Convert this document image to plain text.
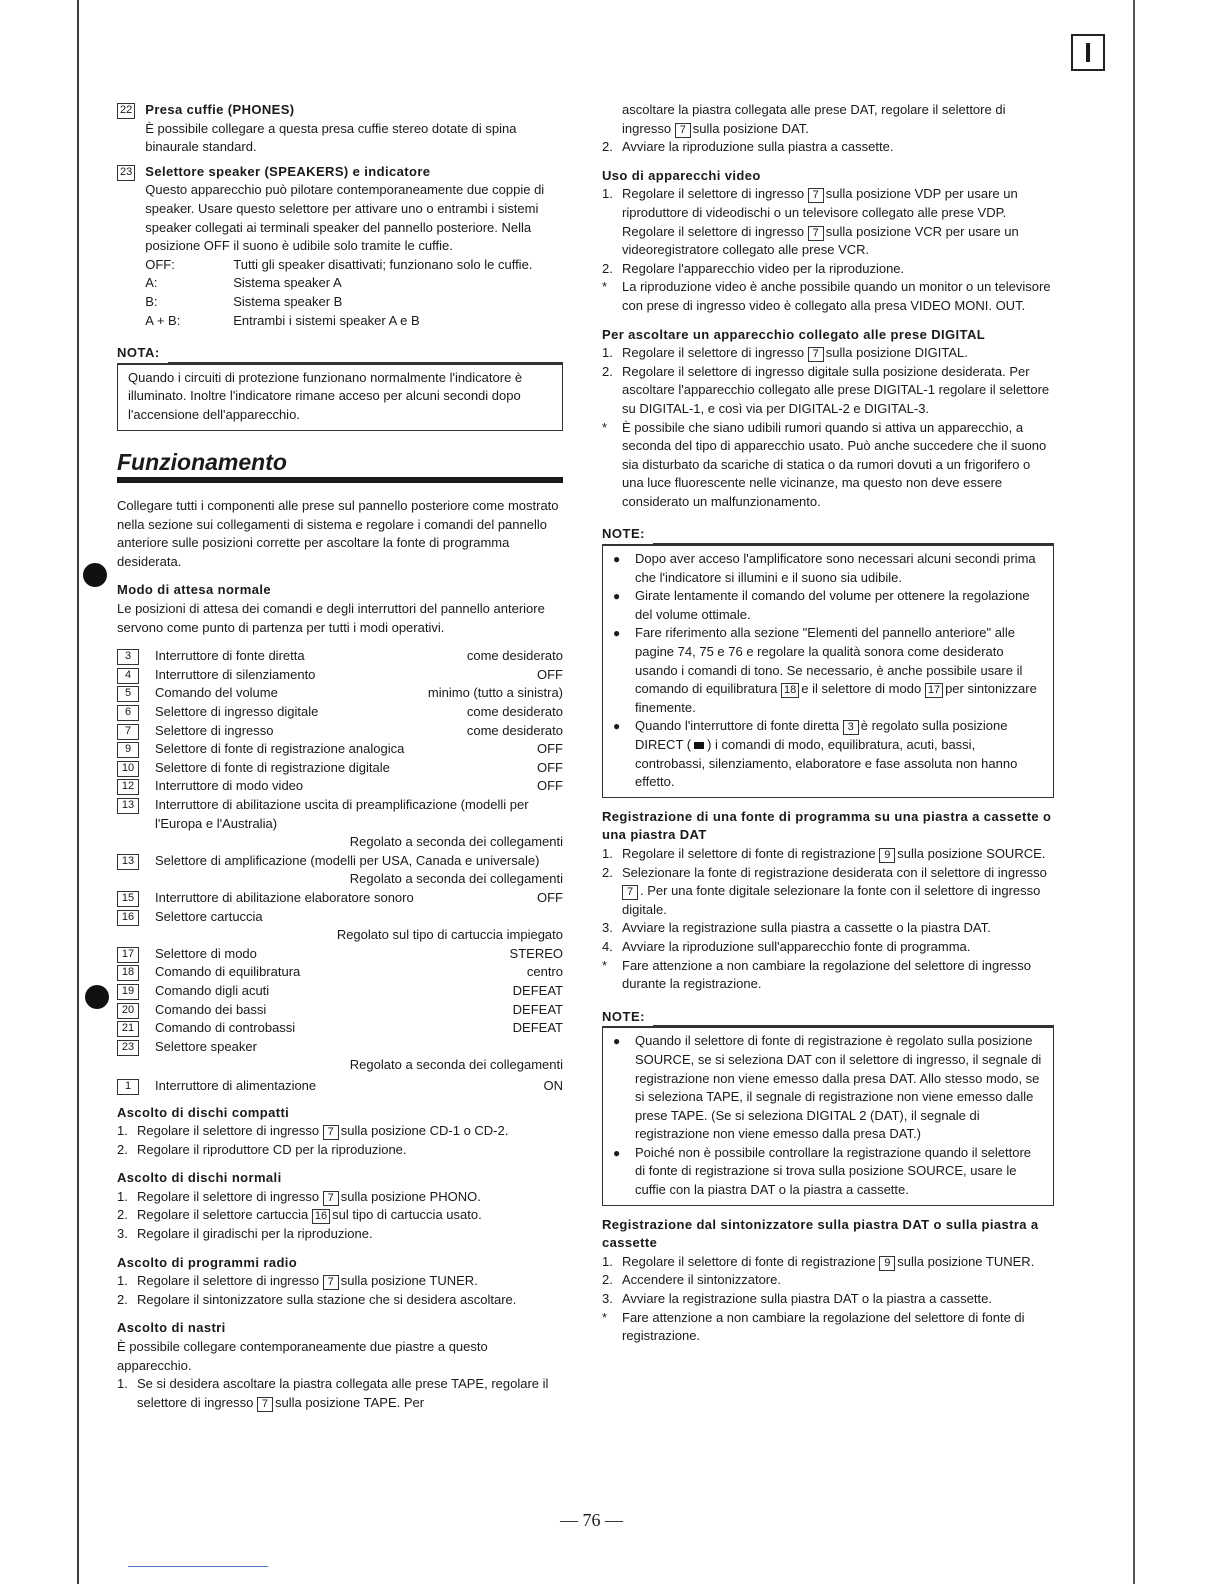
I
22 Presa cuffie (PHONES)
È possibile collegare a questa presa cuffie stereo dotate di spina binaurale standard.
23 Selettore speaker (SPEAKERS) e indicatore
Questo apparecchio può pilotare contemporaneamente due coppie di speaker. Usare questo selettore per attivare uno o entrambi i sistemi speaker collegati ai terminali speaker del pannello posteriore. Nella posizione OFF il suono è udibile solo tramite le cuffie.
OFF:	Tutti gli speaker disattivati; funzionano solo le cuffie.
A:	Sistema speaker A
B:	Sistema speaker B
A + B:	Entrambi i sistemi speaker A e B
NOTA:

Quando i circuiti di protezione funzionano normalmente l'indicatore è illuminato. Inoltre l'indicatore rimane acceso per alcuni secondi dopo l'accensione dell'apparecchio.

Funzionamento

Collegare tutti i componenti alle prese sul pannello posteriore come mostrato nella sezione sui collegamenti di sistema e regolare i comandi del pannello anteriore sulle posizioni corrette per ascoltare la fonte di programma desiderata.

Modo di attesa normale
Le posizioni di attesa dei comandi e degli interruttori del pannello anteriore servono come punto di partenza per tutti i modi operativi.
3	Interruttore di fonte diretta	come desiderato
4	Interruttore di silenziamento	OFF
5	Comando del volume	minimo (tutto a sinistra)
6	Selettore di ingresso digitale	come desiderato
7	Selettore di ingresso	come desiderato
9	Selettore di fonte di registrazione analogica	OFF
10	Selettore di fonte di registrazione digitale	OFF
12	Interruttore di modo video	OFF
13	Interruttore di abilitazione uscita di preamplificazione (modelli per l'Europa e l'Australia)
Regolato a seconda dei collegamenti
13	Selettore di amplificazione (modelli per USA, Canada e universale)
Regolato a seconda dei collegamenti
15	Interruttore di abilitazione elaboratore sonoro	OFF
16	Selettore cartuccia
Regolato sul tipo di cartuccia impiegato
17	Selettore di modo	STEREO
18	Comando di equilibratura	centro
19	Comando digli acuti	DEFEAT
20	Comando dei bassi	DEFEAT
21	Comando di controbassi	DEFEAT
23	Selettore speaker
Regolato a seconda dei collegamenti
1	Interruttore di alimentazione	ON
Ascolto di dischi compatti
1. Regolare il selettore di ingresso 7 sulla posizione CD-1 o CD-2.
2. Regolare il riproduttore CD per la riproduzione.
Ascolto di dischi normali
1. Regolare il selettore di ingresso 7 sulla posizione PHONO.
2. Regolare il selettore cartuccia 16 sul tipo di cartuccia usato.
3. Regolare il giradischi per la riproduzione.
Ascolto di programmi radio
1. Regolare il selettore di ingresso 7 sulla posizione TUNER.
2. Regolare il sintonizzatore sulla stazione che si desidera ascoltare.
Ascolto di nastri
È possibile collegare contemporaneamente due piastre a questo apparecchio.
1. Se si desidera ascoltare la piastra collegata alle prese TAPE, regolare il selettore di ingresso 7 sulla posizione TAPE. Per
ascoltare la piastra collegata alle prese DAT, regolare il selettore di ingresso 7 sulla posizione DAT.
2. Avviare la riproduzione sulla piastra a cassette.
Uso di apparecchi video
1. Regolare il selettore di ingresso 7 sulla posizione VDP per usare un riproduttore di videodischi o un televisore collegato alle prese VDP. Regolare il selettore di ingresso 7 sulla posizione VCR per usare un videoregistratore collegato alle prese VCR.
2. Regolare l'apparecchio video per la riproduzione.
*	La riproduzione video è anche possibile quando un monitor o un televisore con prese di ingresso video è collegato alla presa VIDEO MONI. OUT.
Per ascoltare un apparecchio collegato alle prese DIGITAL
1. Regolare il selettore di ingresso 7 sulla posizione DIGITAL.
2. Regolare il selettore di ingresso digitale sulla posizione desiderata. Per ascoltare l'apparecchio collegato alle prese DIGITAL-1 regolare il selettore su DIGITAL-1, e così via per DIGITAL-2 e DIGITAL-3.
*	È possibile che siano udibili rumori quando si attiva un apparecchio, a seconda del tipo di apparecchio usato. Può anche succedere che il suono sia disturbato da scariche di statica o da rumori dovuti a un frigorifero o una luce fluorescente nelle vicinanze, ma questo non deve essere considerato un malfunzionamento.
NOTE:

● Dopo aver acceso l'amplificatore sono necessari alcuni secondi prima che l'indicatore si illumini e il suono sia udibile.

● Girate lentamente il comando del volume per ottenere la regolazione del volume ottimale.

● Fare riferimento alla sezione "Elementi del pannello anteriore" alle pagine 74, 75 e 76 e regolare la qualità sonora come desiderato usando i comandi di tono. Se necessario, è anche possibile usare il comando di equilibratura 18 e il selettore di modo 17 per sintonizzare finemente.

● Quando l'interruttore di fonte diretta 3 è regolato sulla posizione DIRECT ( ) i comandi di modo, equilibratura, acuti, bassi, controbassi, silenziamento, elaboratore e fase assoluta non hanno effetto.

Registrazione di una fonte di programma su una piastra a cassette o una piastra DAT
1. Regolare il selettore di fonte di registrazione 9 sulla posizione SOURCE.
2. Selezionare la fonte di registrazione desiderata con il selettore di ingresso 7 . Per una fonte digitale selezionare la fonte con il selettore di ingresso digitale.
3. Avviare la registrazione sulla piastra a cassette o la piastra DAT.
4. Avviare la riproduzione sull'apparecchio fonte di programma.
*	Fare attenzione a non cambiare la regolazione del selettore di ingresso durante la registrazione.
NOTE:

● Quando il selettore di fonte di registrazione è regolato sulla posizione SOURCE, se si seleziona DAT con il selettore di ingresso, il segnale di registrazione non viene emesso dalla presa DAT. Allo stesso modo, se si seleziona TAPE, il segnale di registrazione non viene emesso dalle prese TAPE. (Se si seleziona DIGITAL 2 (DAT), il segnale di registrazione non viene emesso dalla presa DAT.)

● Poiché non è possibile controllare la registrazione quando il selettore di fonte di registrazione si trova sulla posizione SOURCE, usare le cuffie con la piastra DAT o la piastra a cassette.

Registrazione dal sintonizzatore sulla piastra DAT o sulla piastra a cassette
1. Regolare il selettore di fonte di registrazione 9 sulla posizione TUNER.
2. Accendere il sintonizzatore.
3. Avviare la registrazione sulla piastra DAT o la piastra a cassette.
*	Fare attenzione a non cambiare la regolazione del selettore di fonte di registrazione.
— 76 —
